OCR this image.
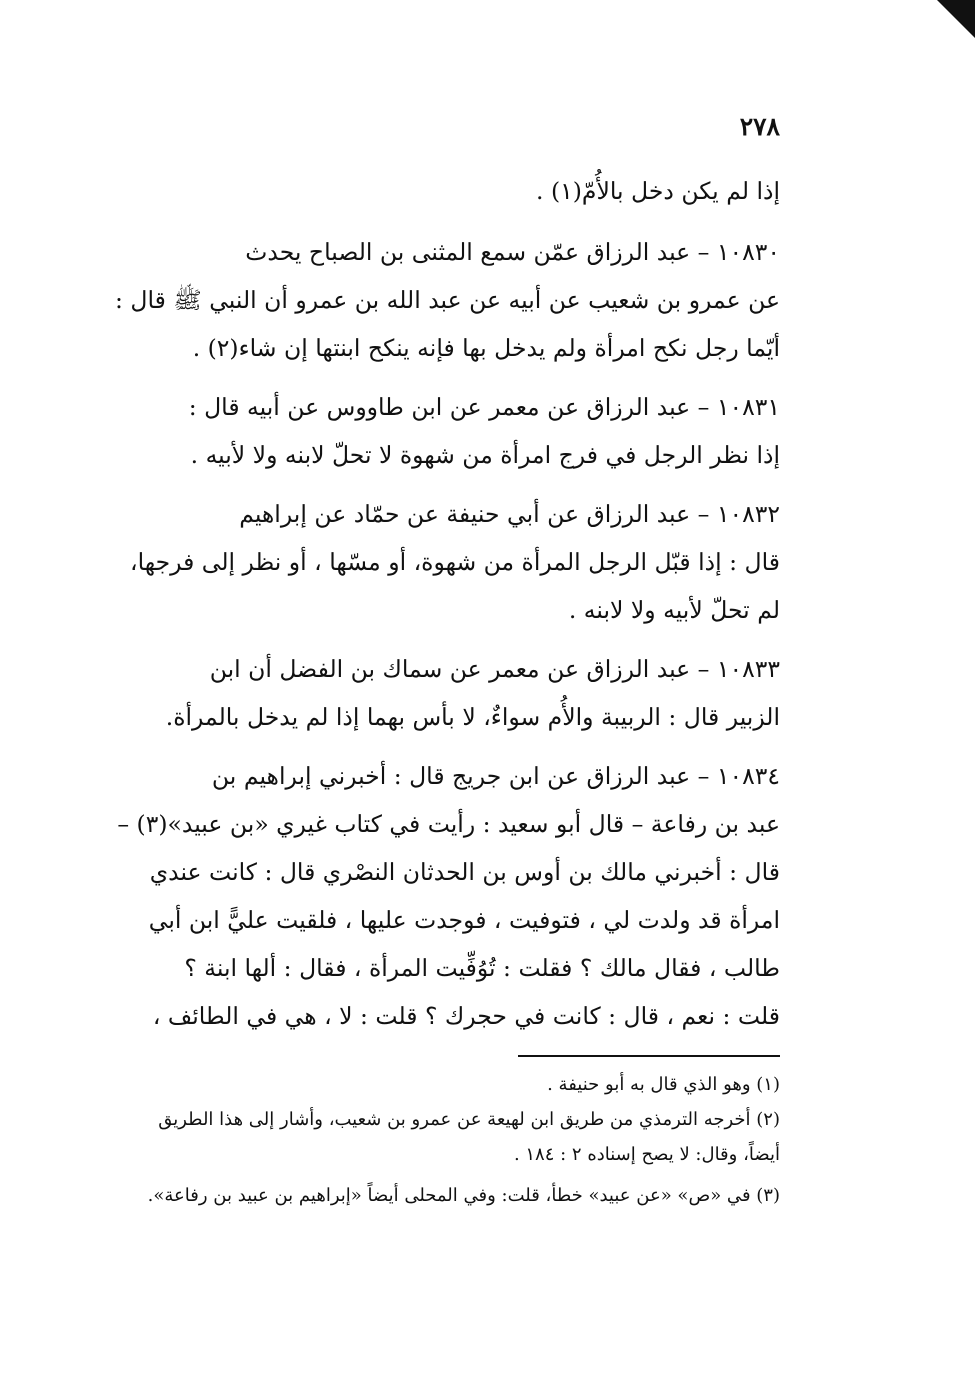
٢٧٨

إذا لم يكن دخل بالأُمّ(١) .

١٠٨٣٠ – عبد الرزاق عمّن سمع المثنى بن الصباح يحدث
عن عمرو بن شعيب عن أبيه عن عبد الله بن عمرو أن النبي ﷺ قال :
أيّما رجل نكح امرأة ولم يدخل بها فإنه ينكح ابنتها إن شاء(٢) .

١٠٨٣١ – عبد الرزاق عن معمر عن ابن طاووس عن أبيه قال :
إذا نظر الرجل في فرج امرأة من شهوة لا تحلّ لابنه ولا لأبيه .

١٠٨٣٢ – عبد الرزاق عن أبي حنيفة عن حمّاد عن إبراهيم
قال : إذا قبّل الرجل المرأة من شهوة، أو مسّها ، أو نظر إلى فرجها،
لم تحلّ لأبيه ولا لابنه .

١٠٨٣٣ – عبد الرزاق عن معمر عن سماك بن الفضل أن ابن
الزبير قال : الربيبة والأُم سواءٌ، لا بأس بهما إذا لم يدخل بالمرأة.

١٠٨٣٤ – عبد الرزاق عن ابن جريج قال : أخبرني إبراهيم بن
عبد بن رفاعة – قال أبو سعيد : رأيت في كتاب غيري «بن عبيد»(٣) –
قال : أخبرني مالك بن أوس بن الحدثان النصْري قال : كانت عندي
امرأة قد ولدت لي ، فتوفيت ، فوجدت عليها ، فلقيت عليًّ ابن أبي
طالب ، فقال مالك ؟ فقلت : تُوُفِّيت المرأة ، فقال : ألها ابنة ؟
قلت : نعم ، قال : كانت في حجرك ؟ قلت : لا ، هي في الطائف ،

(١) وهو الذي قال به أبو حنيفة .

(٢) أخرجه الترمذي من طريق ابن لهيعة عن عمرو بن شعيب، وأشار إلى هذا الطريق
أيضاً، وقال: لا يصح إسناده ٢ : ١٨٤ .

(٣) في «ص» «عن عبيد» خطأ، قلت: وفي المحلى أيضاً «إبراهيم بن عبيد بن رفاعة».
